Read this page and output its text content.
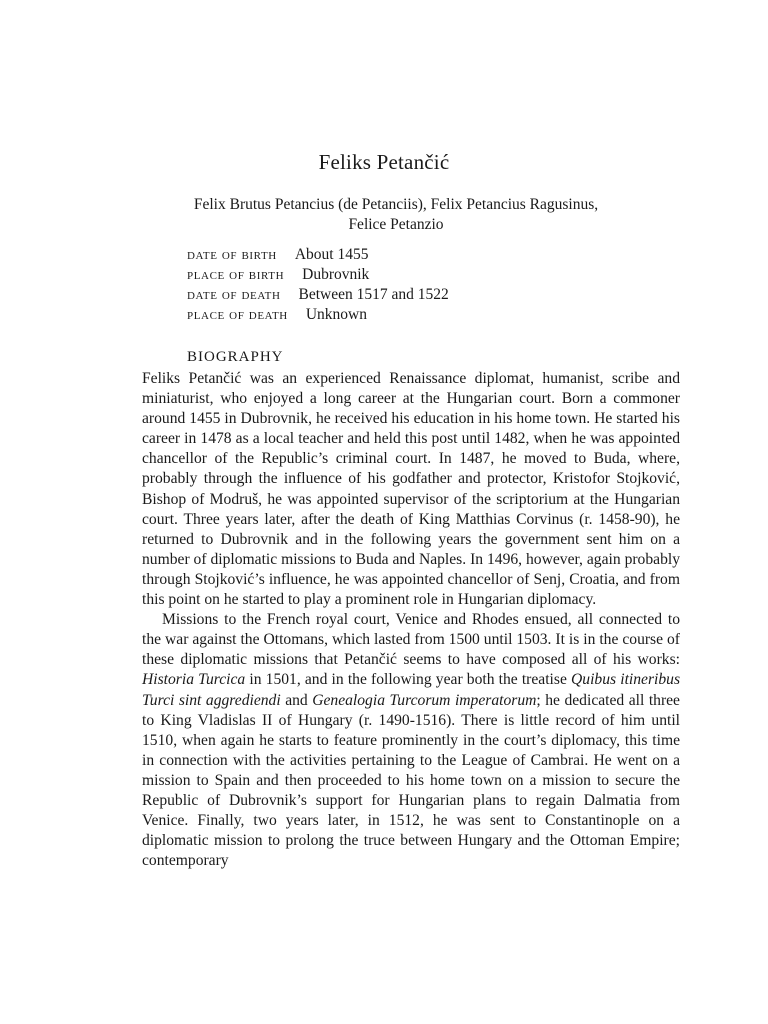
Feliks Petančić
Felix Brutus Petancius (de Petanciis), Felix Petancius Ragusinus, Felice Petanzio
date of birth About 1455
place of birth Dubrovnik
date of death Between 1517 and 1522
place of death Unknown
BIOGRAPHY

Feliks Petančić was an experienced Renaissance diplomat, humanist, scribe and miniaturist, who enjoyed a long career at the Hungarian court. Born a commoner around 1455 in Dubrovnik, he received his education in his home town. He started his career in 1478 as a local teacher and held this post until 1482, when he was appointed chancellor of the Republic’s criminal court. In 1487, he moved to Buda, where, probably through the influence of his godfather and protector, Kristofor Stojković, Bishop of Modruš, he was appointed supervisor of the scriptorium at the Hungarian court. Three years later, after the death of King Matthias Corvinus (r. 1458-90), he returned to Dubrovnik and in the following years the government sent him on a number of diplomatic missions to Buda and Naples. In 1496, however, again probably through Stojković’s influence, he was appointed chancellor of Senj, Croatia, and from this point on he started to play a prominent role in Hungarian diplomacy.

Missions to the French royal court, Venice and Rhodes ensued, all connected to the war against the Ottomans, which lasted from 1500 until 1503. It is in the course of these diplomatic missions that Petančić seems to have composed all of his works: Historia Turcica in 1501, and in the following year both the treatise Quibus itineribus Turci sint aggrediendi and Genealogia Turcorum imperatorum; he dedicated all three to King Vladislas II of Hungary (r. 1490-1516). There is little record of him until 1510, when again he starts to feature prominently in the court’s diplomacy, this time in connection with the activities pertaining to the League of Cambrai. He went on a mission to Spain and then proceeded to his home town on a mission to secure the Republic of Dubrovnik’s support for Hungarian plans to regain Dalmatia from Venice. Finally, two years later, in 1512, he was sent to Constantinople on a diplomatic mission to prolong the truce between Hungary and the Ottoman Empire; contemporary
